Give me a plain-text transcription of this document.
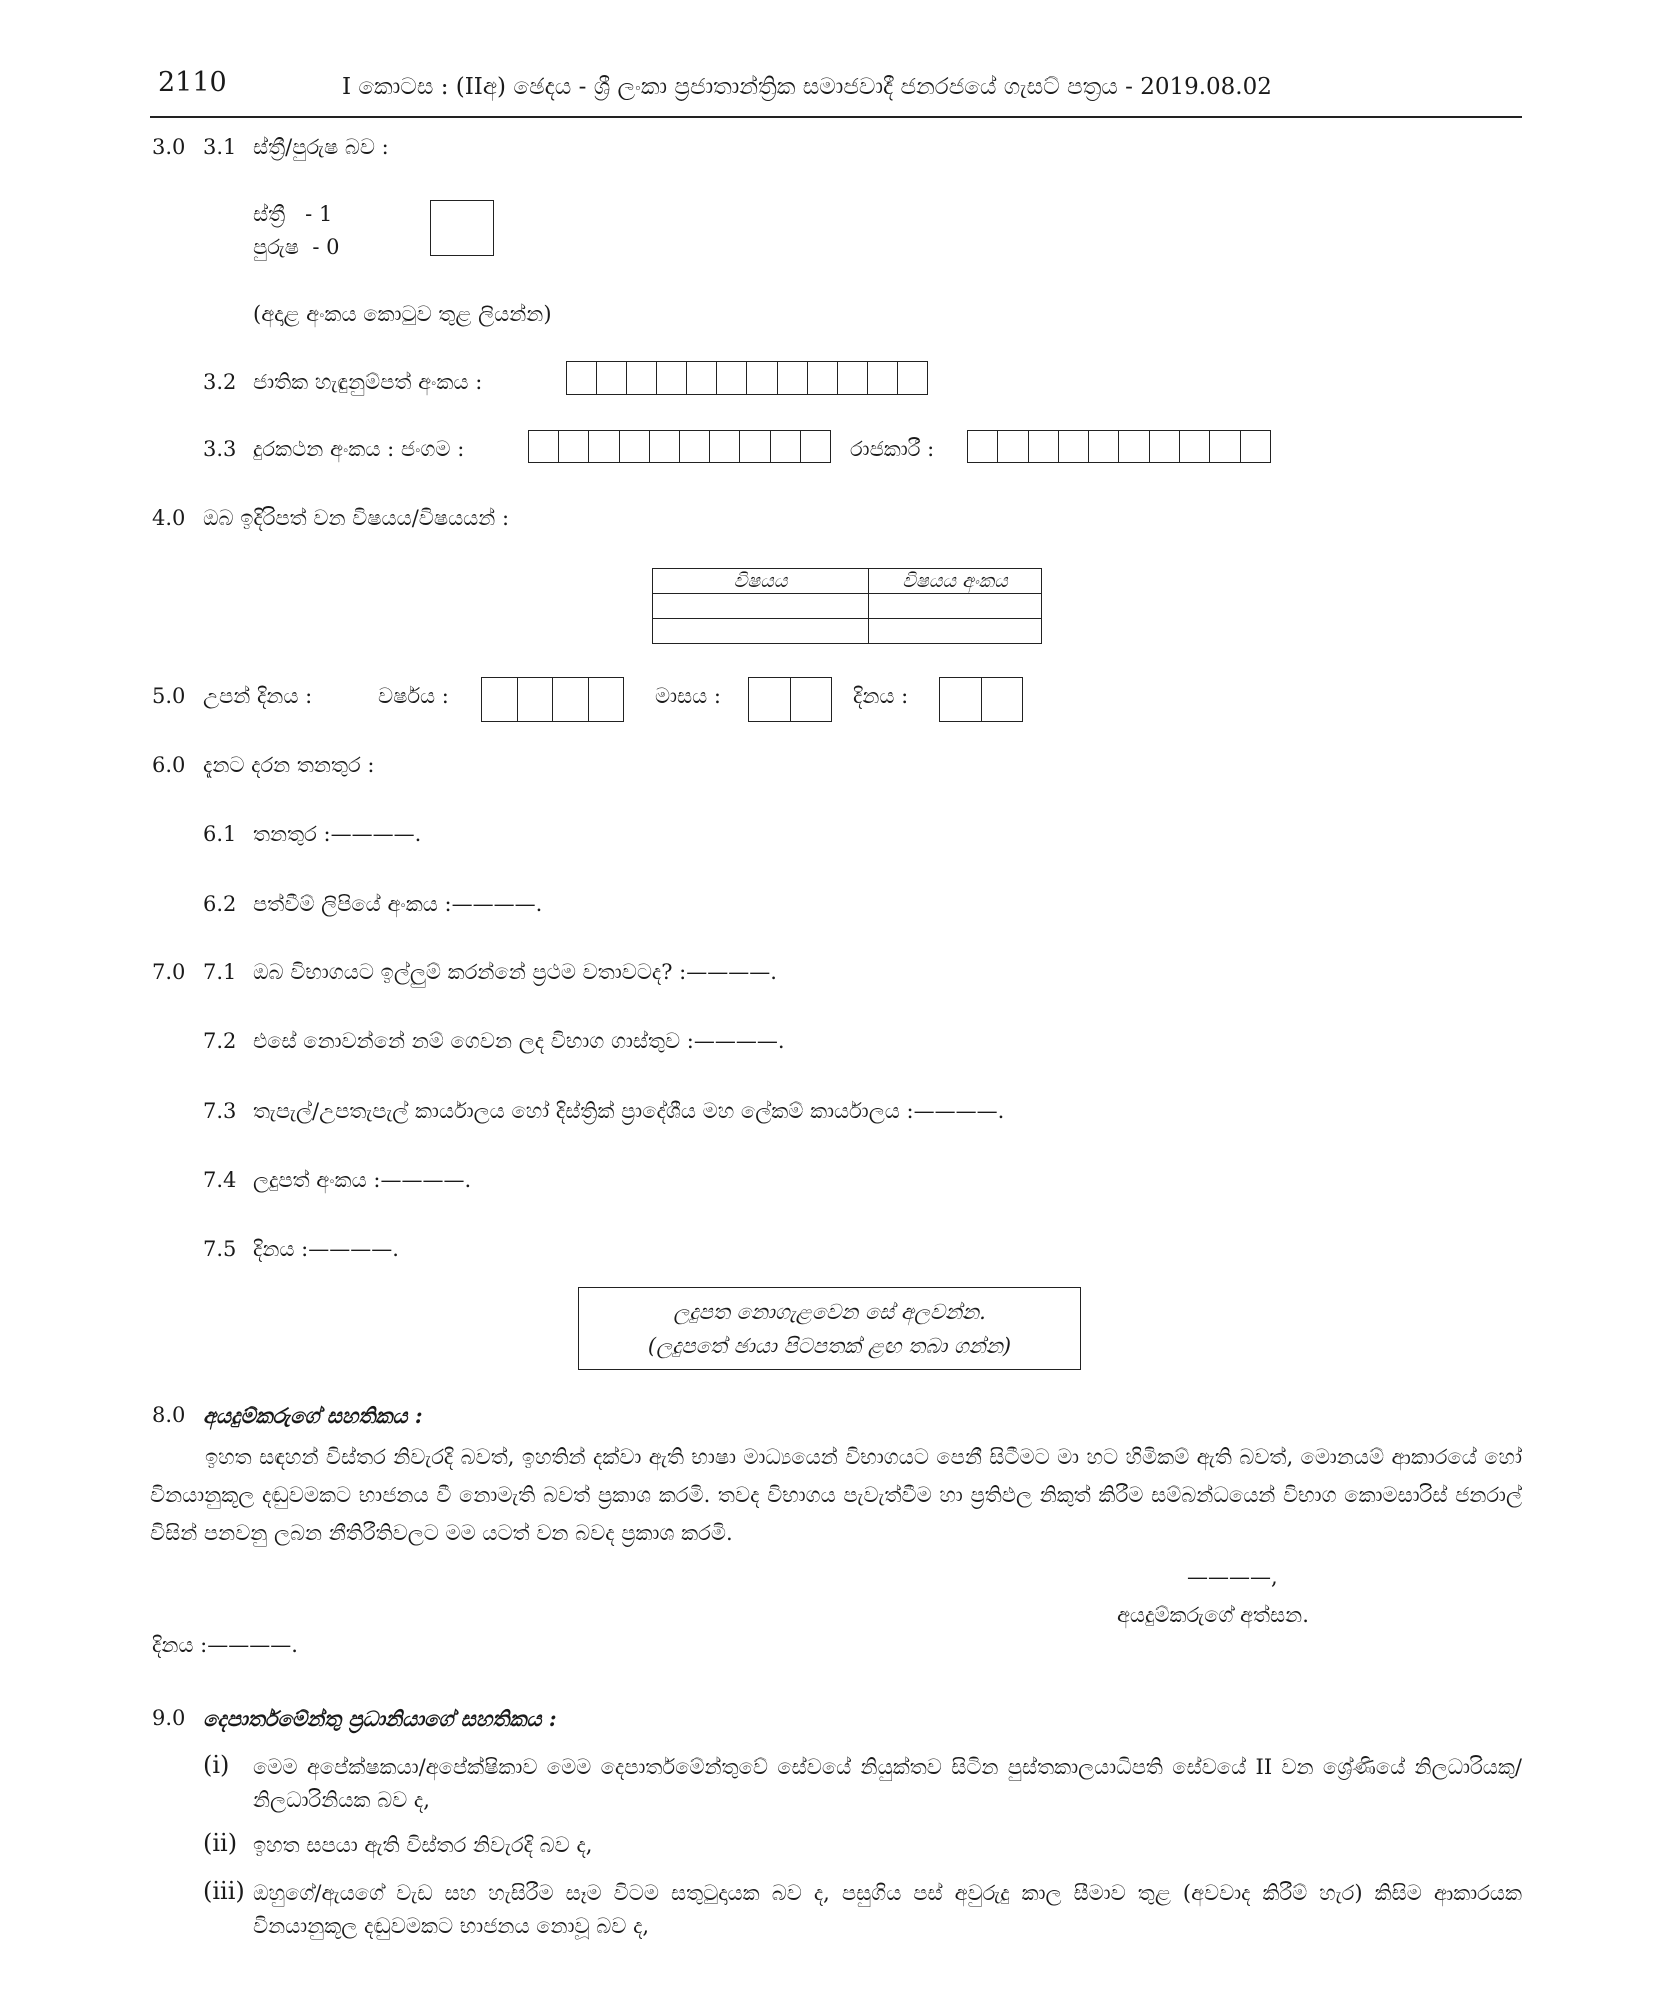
2110	I කොටස : (IIඅ) ඡෙදය - ශ්‍රී ලංකා ප්‍රජාතාන්ත්‍රික සමාජවාදී ජනරජයේ ගැසට් පත්‍රය - 2019.08.02
3.0 3.1 ස්ත්‍රී/පුරුෂ බව :
ස්ත්‍රී   - 1
පුරුෂ  - 0
(අදාළ අංකය කොටුව තුළ ලියන්න)
3.2 ජාතික හැඳුනුම්පත් අංකය :
3.3 දුරකථන අංකය : ජංගම :	රාජකාරී :
4.0 ඔබ ඉදිරිපත් වන විෂයය/විෂයයන් :
විෂයය	විෂයය අංකය

5.0 උපන් දිනය :	වර්ෂය :	මාසය :	දිනය :
6.0 දැනට දරන තනතුර :
6.1 තනතුර :————.
6.2 පත්වීම් ලිපියේ අංකය :————.
7.0 7.1 ඔබ විභාගයට ඉල්ලුම් කරන්නේ ප්‍රථම වතාවටද? :————.
7.2 එසේ නොවන්නේ නම් ගෙවන ලද විභාග ගාස්තුව :————.
7.3 තැපැල්/උපතැපැල් කාර්යාලය හෝ දිස්ත්‍රික් ප්‍රාදේශීය මහ ලේකම් කාර්යාලය :————.
7.4 ලදුපත් අංකය :————.
7.5 දිනය :————.
ලදුපත නොගැළවෙන සේ අලවන්න.
(ලදුපතේ ඡායා පිටපතක් ළඟ තබා ගන්න)
8.0 අයදුම්කරුගේ සහතිකය :
ඉහත සඳහන් විස්තර නිවැරදි බවත්, ඉහතින් දක්වා ඇති භාෂා මාධ්‍යයෙන් විභාගයට පෙනී සිටීමට මා හට හිමිකම් ඇති බවත්, මොනයම් ආකාරයේ හෝ විනයානුකූල දඬුවමකට භාජනය වී නොමැති බවත් ප්‍රකාශ කරමි. තවද විභාගය පැවැත්වීම හා ප්‍රතිඵල නිකුත් කිරීම සම්බන්ධයෙන් විභාග කොමසාරිස් ජනරාල් විසින් පනවනු ලබන නීතිරීතිවලට මම යටත් වන බවද ප්‍රකාශ කරමි.
————,
අයදුම්කරුගේ අත්සන.
දිනය :————.
9.0 දෙපාර්තමේන්තු ප්‍රධානියාගේ සහතිකය :
(i) මෙම අපේක්ෂකයා/අපේක්ෂිකාව මෙම දෙපාර්තමේන්තුවේ සේවයේ නියුක්තව සිටින පුස්තකාලයාධිපති සේවයේ II වන ශ්‍රේණියේ නිලධාරියකු/නිලධාරිනියක බව ද,
(ii) ඉහත සපයා ඇති විස්තර නිවැරදි බව ද,
(iii) ඔහුගේ/ඇයගේ වැඩ සහ හැසිරීම සෑම විටම සතුටුදායක බව ද, පසුගිය පස් අවුරුදු කාල සීමාව තුළ (අවවාද කිරීම් හැර) කිසිම ආකාරයක විනයානුකූල දඬුවමකට භාජනය නොවූ බව ද,
